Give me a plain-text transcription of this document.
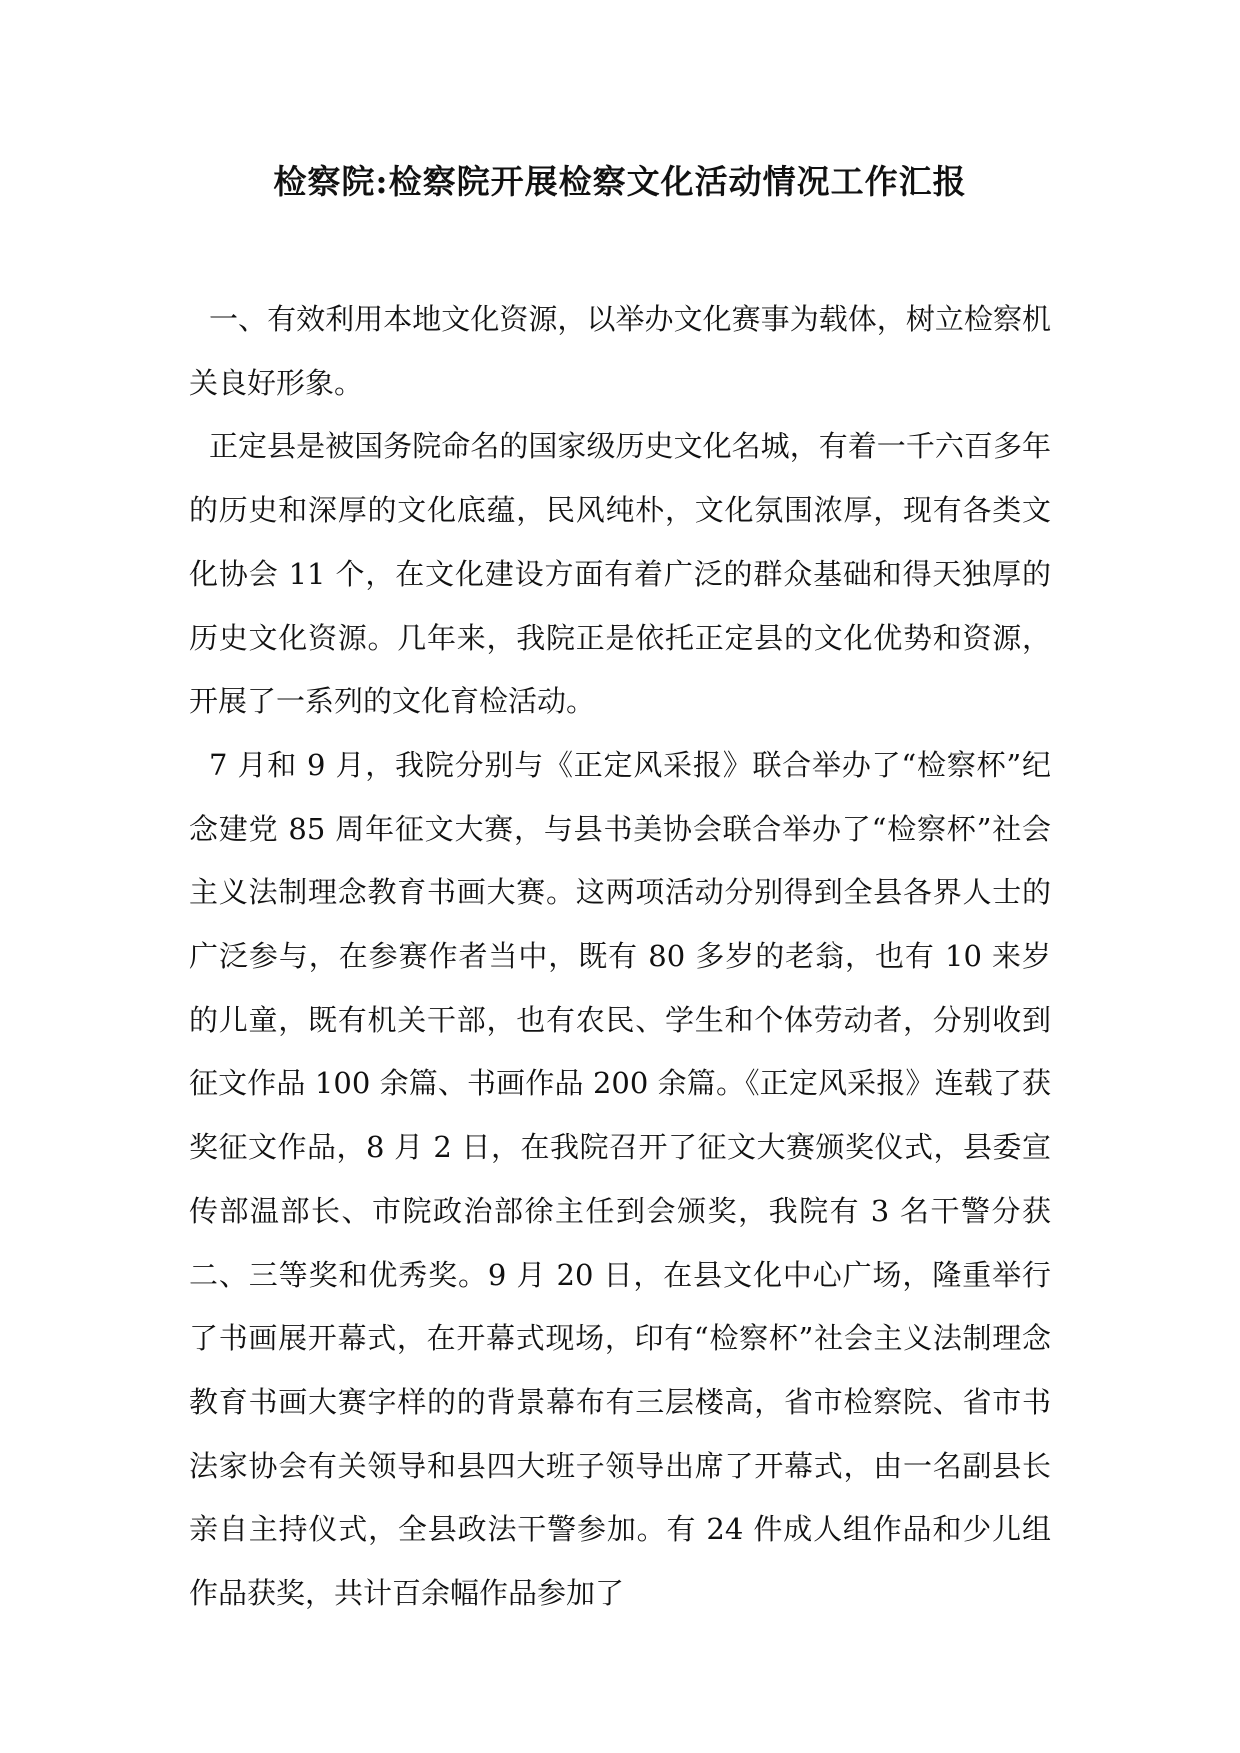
检察院:检察院开展检察文化活动情况工作汇报

一、有效利用本地文化资源，以举办文化赛事为载体，树立检察机关良好形象。

正定县是被国务院命名的国家级历史文化名城，有着一千六百多年的历史和深厚的文化底蕴，民风纯朴，文化氛围浓厚，现有各类文化协会 11 个，在文化建设方面有着广泛的群众基础和得天独厚的历史文化资源。几年来，我院正是依托正定县的文化优势和资源，开展了一系列的文化育检活动。

7 月和 9 月，我院分别与《正定风采报》联合举办了“检察杯”纪念建党 85 周年征文大赛，与县书美协会联合举办了“检察杯”社会主义法制理念教育书画大赛。这两项活动分别得到全县各界人士的广泛参与，在参赛作者当中，既有 80 多岁的老翁，也有 10 来岁的儿童，既有机关干部，也有农民、学生和个体劳动者，分别收到征文作品 100 余篇、书画作品 200 余篇。《正定风采报》连载了获奖征文作品，8 月 2 日，在我院召开了征文大赛颁奖仪式，县委宣传部温部长、市院政治部徐主任到会颁奖，我院有 3 名干警分获二、三等奖和优秀奖。9 月 20 日，在县文化中心广场，隆重举行了书画展开幕式，在开幕式现场，印有“检察杯”社会主义法制理念教育书画大赛字样的的背景幕布有三层楼高，省市检察院、省市书法家协会有关领导和县四大班子领导出席了开幕式，由一名副县长亲自主持仪式，全县政法干警参加。有 24 件成人组作品和少儿组作品获奖，共计百余幅作品参加了
